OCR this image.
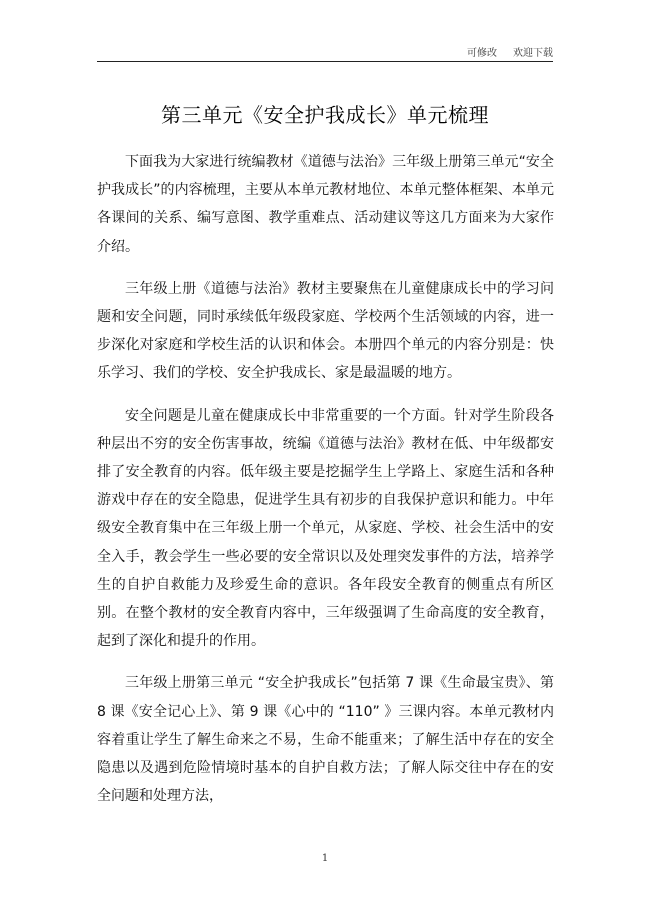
可修改 欢迎下载
第三单元《安全护我成长》单元梳理

下面我为大家进行统编教材《道德与法治》三年级上册第三单元“安全护我成长”的内容梳理，主要从本单元教材地位、本单元整体框架、本单元各课间的关系、编写意图、教学重难点、活动建议等这几方面来为大家作介绍。

三年级上册《道德与法治》教材主要聚焦在儿童健康成长中的学习问题和安全问题，同时承续低年级段家庭、学校两个生活领域的内容，进一步深化对家庭和学校生活的认识和体会。本册四个单元的内容分别是：快乐学习、我们的学校、安全护我成长、家是最温暖的地方。

安全问题是儿童在健康成长中非常重要的一个方面。针对学生阶段各种层出不穷的安全伤害事故，统编《道德与法治》教材在低、中年级都安排了安全教育的内容。低年级主要是挖掘学生上学路上、家庭生活和各种游戏中存在的安全隐患，促进学生具有初步的自我保护意识和能力。中年级安全教育集中在三年级上册一个单元，从家庭、学校、社会生活中的安全入手，教会学生一些必要的安全常识以及处理突发事件的方法，培养学生的自护自救能力及珍爱生命的意识。各年段安全教育的侧重点有所区别。在整个教材的安全教育内容中，三年级强调了生命高度的安全教育，起到了深化和提升的作用。

三年级上册第三单元 “安全护我成长”包括第 7 课《生命最宝贵》、第 8 课《安全记心上》、第 9 课《心中的 “110” 》三课内容。本单元教材内容着重让学生了解生命来之不易，生命不能重来；了解生活中存在的安全隐患以及遇到危险情境时基本的自护自救方法；了解人际交往中存在的安全问题和处理方法，

1
